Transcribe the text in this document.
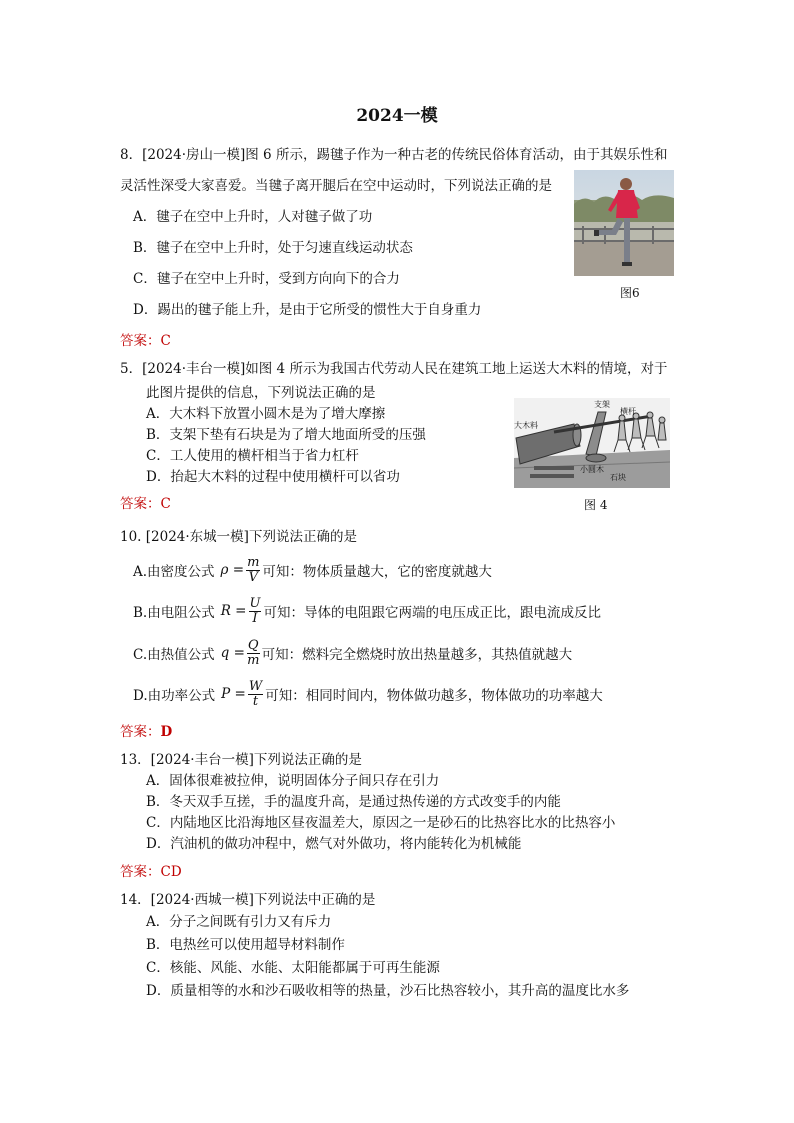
2024一模
8．[2024·房山一模]图 6 所示，踢毽子作为一种古老的传统民俗体育活动，由于其娱乐性和
灵活性深受大家喜爱。当毽子离开腿后在空中运动时，下列说法正确的是
A．毽子在空中上升时，人对毽子做了功
B．毽子在空中上升时，处于匀速直线运动状态
C．毽子在空中上升时，受到方向向下的合力
D．踢出的毽子能上升，是由于它所受的惯性大于自身重力
图6
答案：C
5．[2024·丰台一模]如图 4 所示为我国古代劳动人民在建筑工地上运送大木料的情境，对于
此图片提供的信息，下列说法正确的是
A．大木料下放置小圆木是为了增大摩擦
B．支架下垫有石块是为了增大地面所受的压强
C．工人使用的横杆相当于省力杠杆
D．抬起大木料的过程中使用横杆可以省功
支架
横杆
大木料
小圆木
石块
图 4
答案：C
10. [2024·东城一模]下列说法正确的是
A.由密度公式 $\rho = \frac{m}{V}$ 可知：物体质量越大，它的密度就越大
B.由电阻公式 $R = \frac{U}{I}$ 可知：导体的电阻跟它两端的电压成正比，跟电流成反比
C.由热值公式 $q = \frac{Q}{m}$ 可知：燃料完全燃烧时放出热量越多，其热值就越大
D.由功率公式 $P = \frac{W}{t}$ 可知：相同时间内，物体做功越多，物体做功的功率越大
答案：D
13．[2024·丰台一模]下列说法正确的是
A．固体很难被拉伸，说明固体分子间只存在引力
B．冬天双手互搓，手的温度升高，是通过热传递的方式改变手的内能
C．内陆地区比沿海地区昼夜温差大，原因之一是砂石的比热容比水的比热容小
D．汽油机的做功冲程中，燃气对外做功，将内能转化为机械能
答案：CD
14．[2024·西城一模]下列说法中正确的是
A．分子之间既有引力又有斥力
B．电热丝可以使用超导材料制作
C．核能、风能、水能、太阳能都属于可再生能源
D．质量相等的水和沙石吸收相等的热量，沙石比热容较小，其升高的温度比水多
